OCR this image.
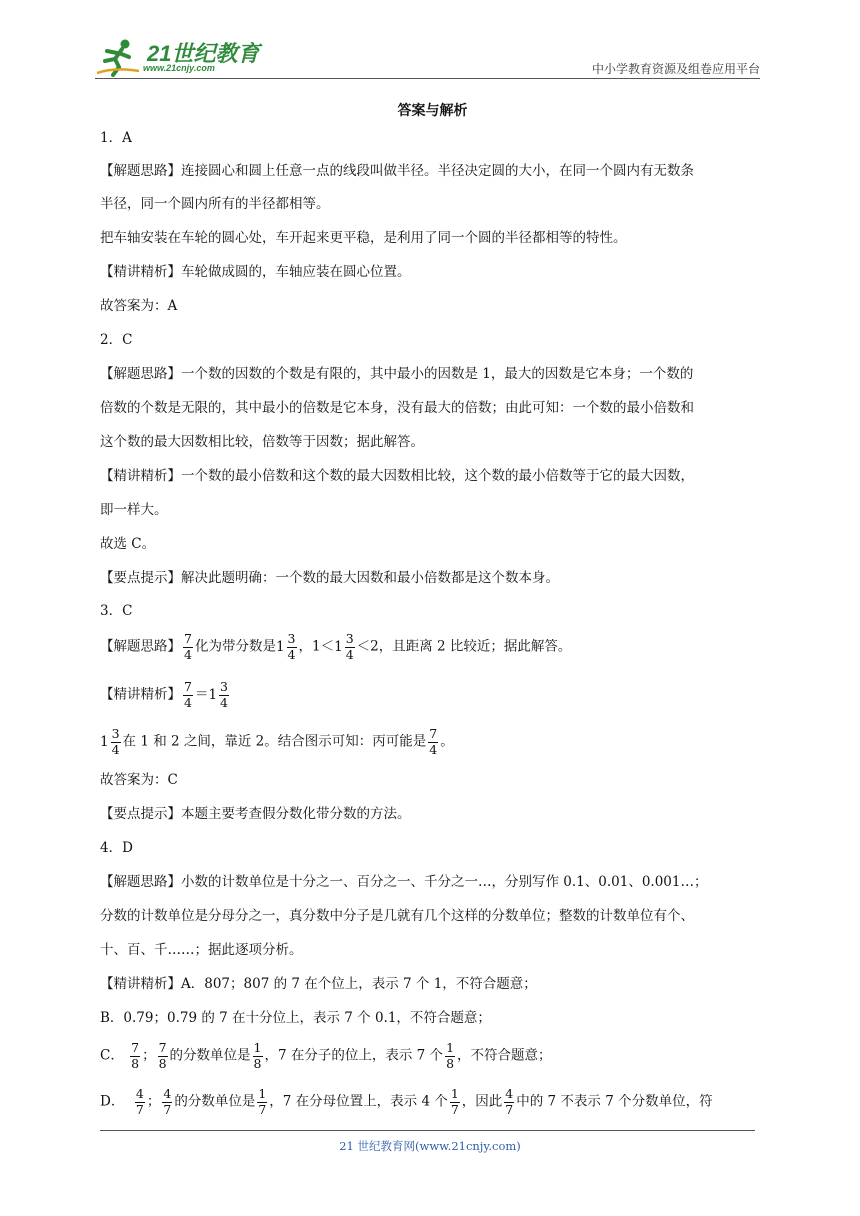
21世纪教育
www.21cnjy.com	中小学教育资源及组卷应用平台
答案与解析
1．A
【解题思路】连接圆心和圆上任意一点的线段叫做半径。半径决定圆的大小，在同一个圆内有无数条
半径，同一个圆内所有的半径都相等。
把车轴安装在车轮的圆心处，车开起来更平稳，是利用了同一个圆的半径都相等的特性。
【精讲精析】车轮做成圆的，车轴应装在圆心位置。
故答案为：A
2．C
【解题思路】一个数的因数的个数是有限的，其中最小的因数是 1，最大的因数是它本身；一个数的
倍数的个数是无限的，其中最小的倍数是它本身，没有最大的倍数；由此可知：一个数的最小倍数和
这个数的最大因数相比较，倍数等于因数；据此解答。
【精讲精析】一个数的最小倍数和这个数的最大因数相比较，这个数的最小倍数等于它的最大因数，
即一样大。
故选 C。
【要点提示】解决此题明确：一个数的最大因数和最小倍数都是这个数本身。
3．C
【解题思路】 $\frac{7}{4}$ 化为带分数是$1 \frac{3}{4}$ ，$1<1 \frac{3}{4} <2$，且距离 2 比较近；据此解答。
【精讲精析】 $\frac{7}{4} =1 \frac{3}{4}$
$1 \frac{3}{4}$ 在 1 和 2 之间，靠近 2。结合图示可知：丙可能是 $\frac{7}{4}$ 。
故答案为：C
【要点提示】本题主要考查假分数化带分数的方法。
4．D
【解题思路】小数的计数单位是十分之一、百分之一、千分之一…，分别写作 0.1、0.01、0.001…；
分数的计数单位是分母分之一，真分数中分子是几就有几个这样的分数单位；整数的计数单位有个、
十、百、千……；据此逐项分析。
【精讲精析】A．807；807 的 7 在个位上，表示 7 个 1，不符合题意；
B．0.79；0.79 的 7 在十分位上，表示 7 个 0.1，不符合题意；
C． $\frac{7}{8}$ ； $\frac{7}{8}$ 的分数单位是 $\frac{1}{8}$ ，7 在分子的位上，表示 7 个 $\frac{1}{8}$ ，不符合题意；
D． $\frac{4}{7}$ ； $\frac{4}{7}$ 的分数单位是 $\frac{1}{7}$ ，7 在分母位置上，表示 4 个 $\frac{1}{7}$ ，因此 $\frac{4}{7}$ 中的 7 不表示 7 个分数单位，符
21 世纪教育网(www.21cnjy.com)
